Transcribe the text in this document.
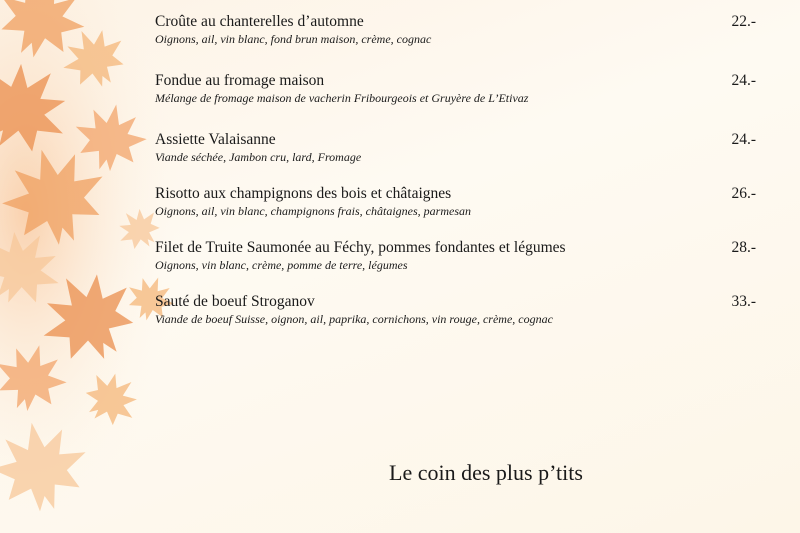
Croûte au chanterelles d’automne
Oignons, ail, vin blanc, fond brun maison, crème, cognac
22.-
Fondue au fromage maison
Mélange de fromage maison de vacherin Fribourgeois et Gruyère de L’Etivaz
24.-
Assiette Valaisanne
Viande séchée, Jambon cru, lard, Fromage
24.-
Risotto aux champignons des bois et châtaignes
Oignons, ail, vin blanc, champignons frais, châtaignes, parmesan
26.-
Filet de Truite Saumonée au Féchy, pommes fondantes et légumes
Oignons, vin blanc, crème, pomme de terre, légumes
28.-
Sauté de boeuf Stroganov
Viande de boeuf Suisse, oignon, ail, paprika, cornichons, vin rouge, crème, cognac
33.-
Le coin des plus p’tits
